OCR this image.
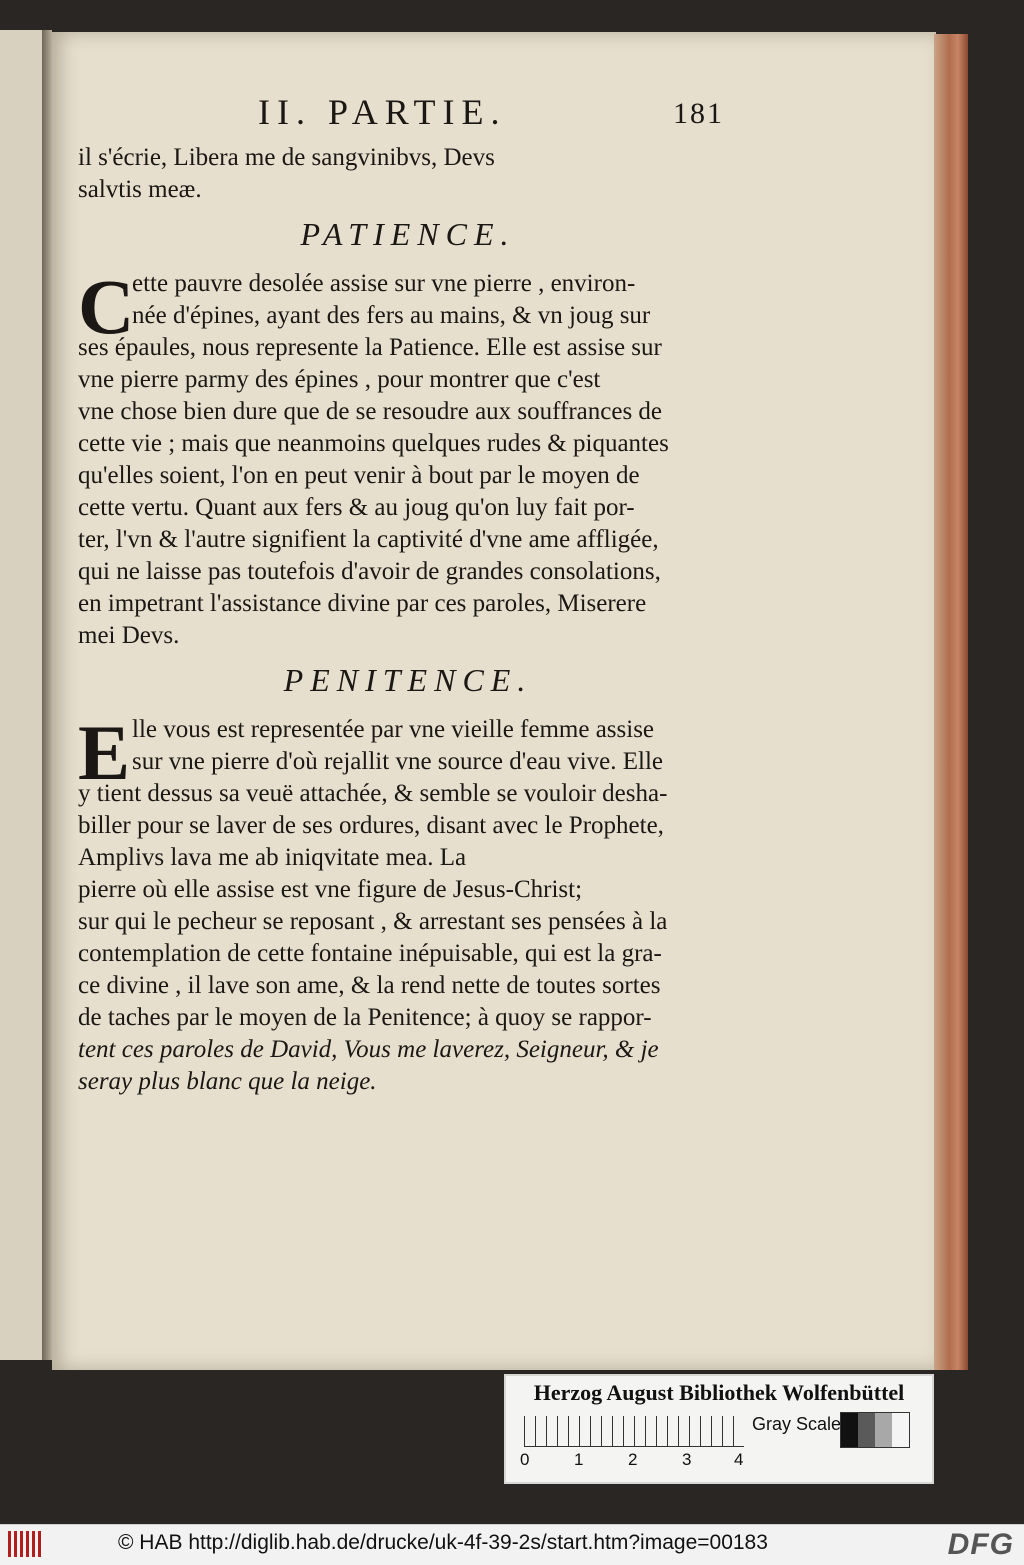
II. PARTIE.	181
il s'écrie, Libera me de sangvinibvs, Devs
salvtis meæ.
PATIENCE.
C
ette pauvre desolée assise sur vne pierre , environ-
née d'épines, ayant des fers au mains, & vn joug sur
ses épaules, nous represente la Patience. Elle est assise sur
vne pierre parmy des épines , pour montrer que c'est
vne chose bien dure que de se resoudre aux souffrances de
cette vie ; mais que neanmoins quelques rudes & piquantes
qu'elles soient, l'on en peut venir à bout par le moyen de
cette vertu. Quant aux fers & au joug qu'on luy fait por-
ter, l'vn & l'autre signifient la captivité d'vne ame affligée,
qui ne laisse pas toutefois d'avoir de grandes consolations,
en impetrant l'assistance divine par ces paroles, Miserere
mei Devs.
PENITENCE.
E lle vous est representée par vne vieille femme assise
sur vne pierre d'où rejallit vne source d'eau vive. Elle
y tient dessus sa veuë attachée, & semble se vouloir desha-
biller pour se laver de ses ordures, disant avec le Prophete,
Amplivs lava me ab iniqvitate mea. La
pierre où elle assise est vne figure de Jesus-Christ;
sur qui le pecheur se reposant , & arrestant ses pensées à la
contemplation de cette fontaine inépuisable, qui est la gra-
ce divine , il lave son ame, & la rend nette de toutes sortes
de taches par le moyen de la Penitence; à quoy se rappor-
tent ces paroles de David, Vous me laverez, Seigneur, & je
seray plus blanc que la neige.
Herzog August Bibliothek Wolfenbüttel
0	1	2	3	4
Gray Scale
© HAB http://diglib.hab.de/drucke/uk-4f-39-2s/start.htm?image=00183	DFG
